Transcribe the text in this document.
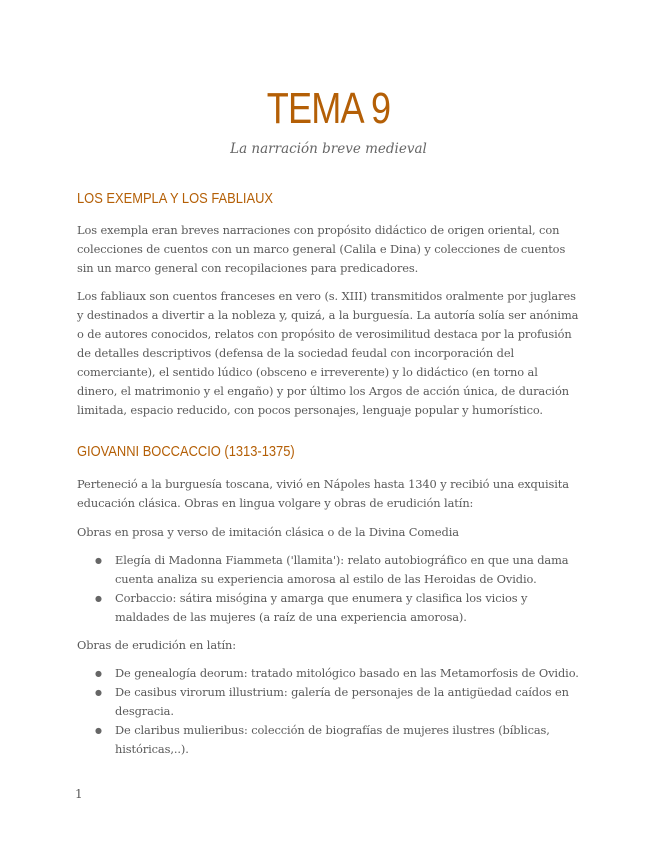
TEMA 9
La narración breve medieval
LOS EXEMPLA Y LOS FABLIAUX

Los exempla eran breves narraciones con propósito didáctico de origen oriental, con colecciones de cuentos con un marco general (Calila e Dina) y colecciones de cuentos sin un marco general con recopilaciones para predicadores.

Los fabliaux son cuentos franceses en vero (s. XIII) transmitidos oralmente por juglares y destinados a divertir a la nobleza y, quizá, a la burguesía. La autoría solía ser anónima o de autores conocidos, relatos con propósito de verosimilitud destaca por la profusión de detalles descriptivos (defensa de la sociedad feudal con incorporación del comerciante), el sentido lúdico (obsceno e irreverente) y lo didáctico (en torno al dinero, el matrimonio y el engaño) y por último los Argos de acción única, de duración limitada, espacio reducido, con pocos personajes, lenguaje popular y humorístico.

GIOVANNI BOCCACCIO (1313-1375)

Perteneció a la burguesía toscana, vivió en Nápoles hasta 1340 y recibió una exquisita educación clásica. Obras en lingua volgare y obras de erudición latín:

Obras en prosa y verso de imitación clásica o de la Divina Comedia

● Elegía di Madonna Fiammeta ('llamita'): relato autobiográfico en que una dama cuenta analiza su experiencia amorosa al estilo de las Heroidas de Ovidio.
● Corbaccio: sátira misógina y amarga que enumera y clasifica los vicios y maldades de las mujeres (a raíz de una experiencia amorosa).

Obras de erudición en latín:

● De genealogía deorum: tratado mitológico basado en las Metamorfosis de Ovidio.
● De casibus virorum illustrium: galería de personajes de la antigüedad caídos en desgracia.
● De claribus mulieribus: colección de biografías de mujeres ilustres (bíblicas, históricas,..).
1
